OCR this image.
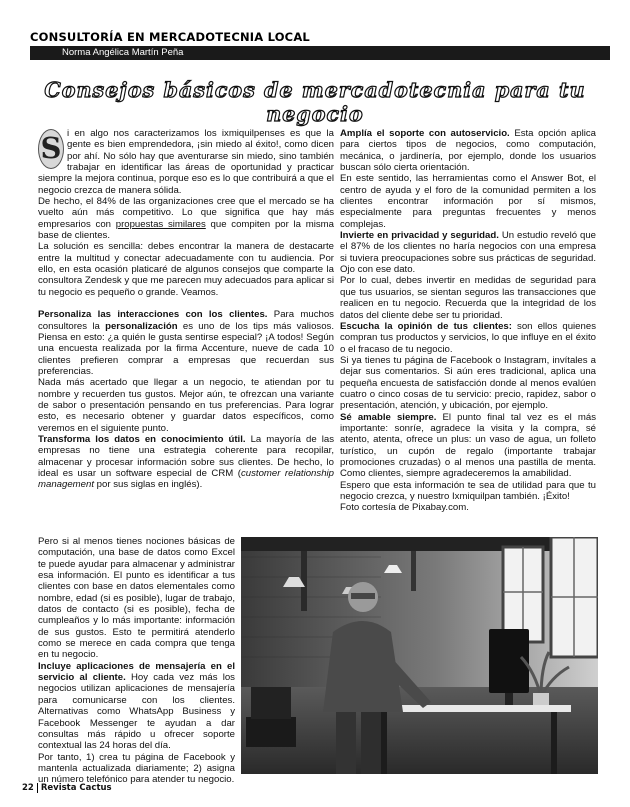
CONSULTORÍA EN MERCADOTECNIA LOCAL
Norma Angélica Martín Peña
Consejos básicos de mercadotecnia para tu negocio
S i en algo nos caracterizamos los ixmiquilpenses es que la gente es bien emprendedora, ¡sin miedo al éxito!, como dicen por ahí. No sólo hay que aventurarse sin miedo, sino también trabajar en identificar las áreas de oportunidad y practicar siempre la mejora continua, porque eso es lo que contribuirá a que el negocio crezca de manera sólida.

De hecho, el 84% de las organizaciones cree que el mercado se ha vuelto aún más competitivo. Lo que significa que hay más empresarios con propuestas similares que compiten por la misma base de clientes.

La solución es sencilla: debes encontrar la manera de destacarte entre la multitud y conectar adecuadamente con tu audiencia. Por ello, en esta ocasión platicaré de algunos consejos que comparte la consultora Zendesk y que me parecen muy adecuados para aplicar si tu negocio es pequeño o grande. Veamos.

Personaliza las interacciones con los clientes. Para muchos consultores la personalización es uno de los tips más valiosos. Piensa en esto: ¿a quién le gusta sentirse especial? ¡A todos! Según una encuesta realizada por la firma Accenture, nueve de cada 10 clientes prefieren comprar a empresas que recuerdan sus preferencias.

Nada más acertado que llegar a un negocio, te atiendan por tu nombre y recuerden tus gustos. Mejor aún, te ofrezcan una variante de sabor o presentación pensando en tus preferencias. Para lograr esto, es necesario obtener y guardar datos específicos, como veremos en el siguiente punto.

Transforma los datos en conocimiento útil. La mayoría de las empresas no tiene una estrategia coherente para recopilar, almacenar y procesar información sobre sus clientes. De hecho, lo ideal es usar un software especial de CRM (customer relationship management por sus siglas en inglés).

Pero si al menos tienes nociones básicas de computación, una base de datos como Excel te puede ayudar para almacenar y administrar esa información. El punto es identificar a tus clientes con base en datos elementales como nombre, edad (si es posible), lugar de trabajo, datos de contacto (si es posible), fecha de cumpleaños y lo más importante: información de sus gustos. Esto te permitirá atenderlo como se merece en cada compra que tenga en tu negocio.

Incluye aplicaciones de mensajería en el servicio al cliente. Hoy cada vez más los negocios utilizan aplicaciones de mensajería para comunicarse con los clientes. Alternativas como WhatsApp Business y Facebook Messenger te ayudan a dar consultas más rápido u ofrecer soporte contextual las 24 horas del día.

Por tanto, 1) crea tu página de Facebook y mantenla actualizada diariamente; 2) asigna un número telefónico para atender tu negocio.

Amplía el soporte con autoservicio. Esta opción aplica para ciertos tipos de negocios, como computación, mecánica, o jardinería, por ejemplo, donde los usuarios buscan sólo cierta orientación.

En este sentido, las herramientas como el Answer Bot, el centro de ayuda y el foro de la comunidad permiten a los clientes encontrar información por sí mismos, especialmente para preguntas frecuentes y menos complejas.

Invierte en privacidad y seguridad. Un estudio reveló que el 87% de los clientes no haría negocios con una empresa si tuviera preocupaciones sobre sus prácticas de seguridad. Ojo con ese dato.

Por lo cual, debes invertir en medidas de seguridad para que tus usuarios, se sientan seguros las transacciones que realicen en tu negocio. Recuerda que la integridad de los datos del cliente debe ser tu prioridad.

Escucha la opinión de tus clientes: son ellos quienes compran tus productos y servicios, lo que influye en el éxito o el fracaso de tu negocio.

Si ya tienes tu página de Facebook o Instagram, invítales a dejar sus comentarios. Si aún eres tradicional, aplica una pequeña encuesta de satisfacción donde al menos evalúen cuatro o cinco cosas de tu servicio: precio, rapidez, sabor o presentación, atención, y ubicación, por ejemplo.

Sé amable siempre. El punto final tal vez es el más importante: sonríe, agradece la visita y la compra, sé atento, atenta, ofrece un plus: un vaso de agua, un folleto turístico, un cupón de regalo (importante trabajar promociones cruzadas) o al menos una pastilla de menta. Como clientes, siempre agradeceremos la amabilidad.

Espero que esta información te sea de utilidad para que tu negocio crezca, y nuestro Ixmiquilpan también. ¡Éxito!

Foto cortesía de Pixabay.com.

22 Revista Cactus
